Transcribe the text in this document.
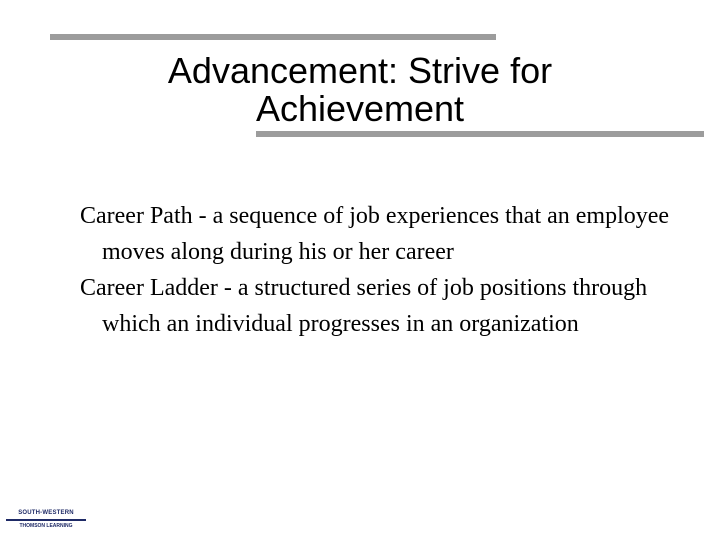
Advancement: Strive for
Achievement

Career Path - a sequence of job experiences that an employee moves along during his or her career

Career Ladder - a structured series of job positions through which an individual progresses in an organization

SOUTH-WESTERN
THOMSON LEARNING
